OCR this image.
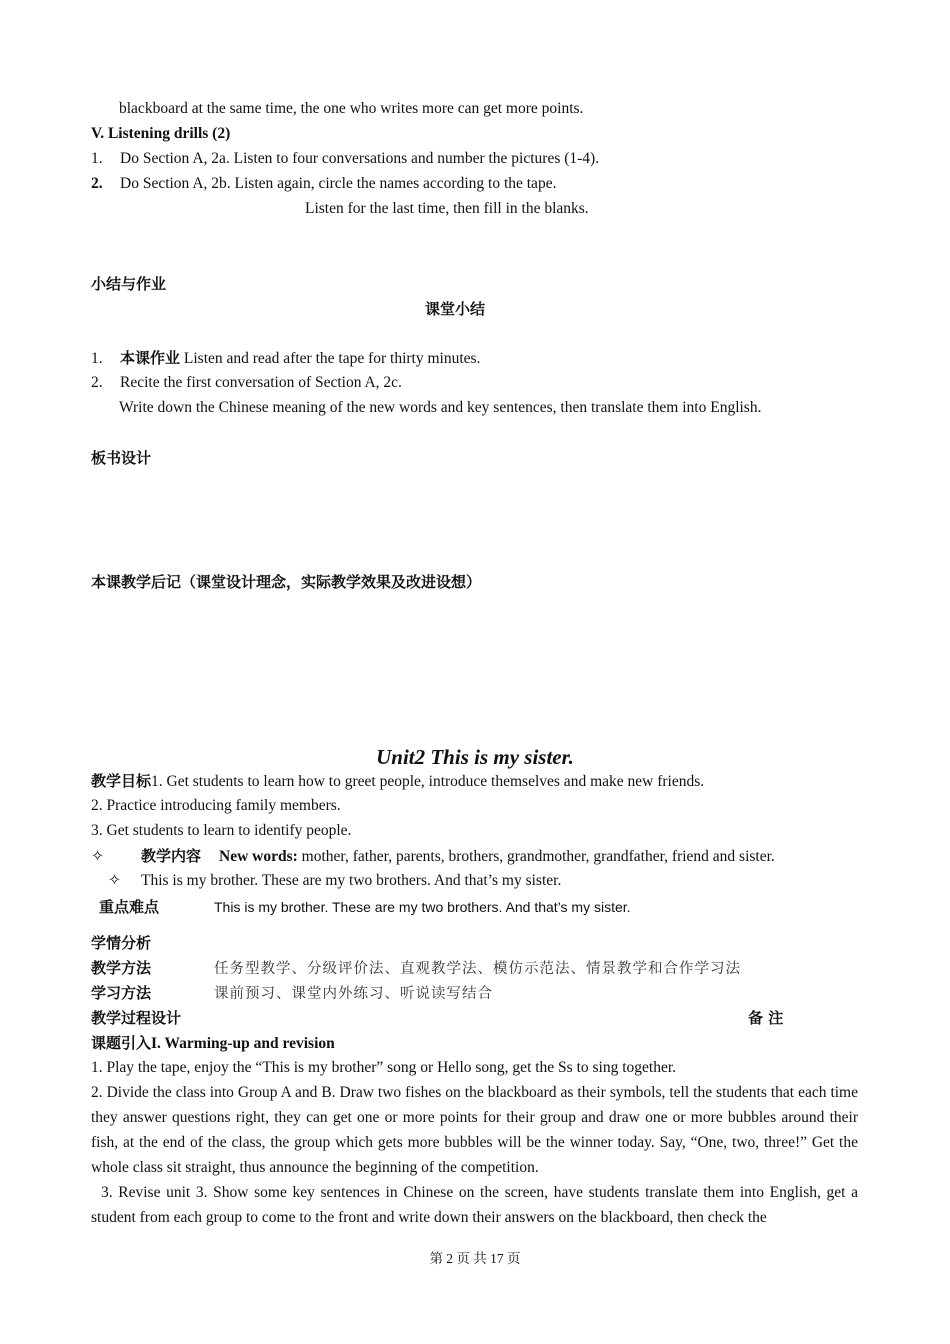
blackboard at the same time, the one who writes more can get more points.
V. Listening drills (2)
1. Do Section A, 2a. Listen to four conversations and number the pictures (1-4).
2. Do Section A, 2b. Listen again, circle the names according to the tape.
Listen for the last time, then fill in the blanks.
小结与作业
课堂小结
1. 本课作业 Listen and read after the tape for thirty minutes.
2. Recite the first conversation of Section A, 2c.
Write down the Chinese meaning of the new words and key sentences, then translate them into English.
板书设计
本课教学后记（课堂设计理念，实际教学效果及改进设想）
Unit2 This is my sister.
教学目标1. Get students to learn how to greet people, introduce themselves and make new friends.
2. Practice introducing family members.
3. Get students to learn to identify people.
✧ 教学内容 New words: mother, father, parents, brothers, grandmother, grandfather, friend and sister.
✧ This is my brother. These are my two brothers. And that’s my sister.
重点难点	This is my brother. These are my two brothers. And that’s my sister.
学情分析
教学方法	任务型教学、分级评价法、直观教学法、模仿示范法、情景教学和合作学习法
学习方法	课前预习、课堂内外练习、听说读写结合
教学过程设计	备 注
课题引入I. Warming-up and revision
1. Play the tape, enjoy the “This is my brother” song or Hello song, get the Ss to sing together.
2. Divide the class into Group A and B. Draw two fishes on the blackboard as their symbols, tell the students that each time they answer questions right, they can get one or more points for their group and draw one or more bubbles around their fish, at the end of the class, the group which gets more bubbles will be the winner today. Say, “One, two, three!” Get the whole class sit straight, thus announce the beginning of the competition.
3. Revise unit 3. Show some key sentences in Chinese on the screen, have students translate them into English, get a student from each group to come to the front and write down their answers on the blackboard, then check the
第 2 页 共 17 页
